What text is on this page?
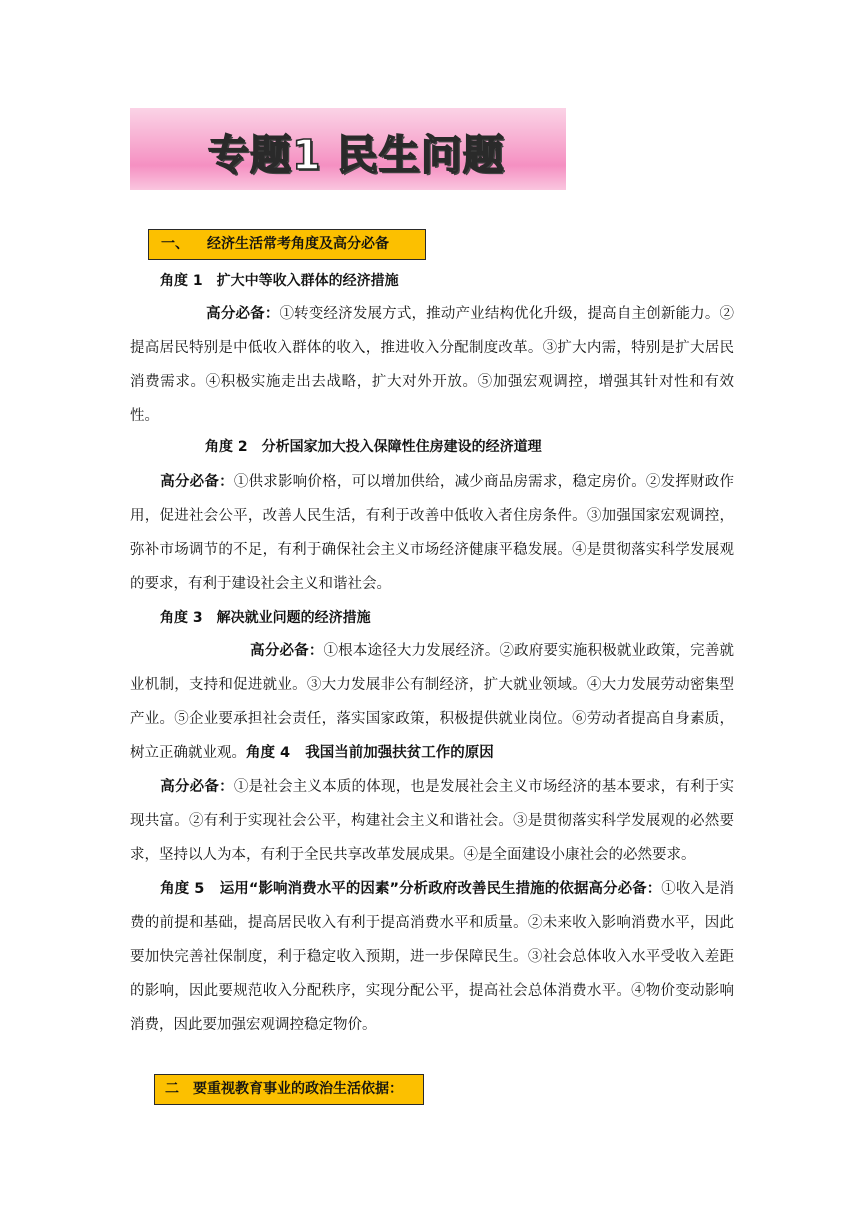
专题1 民生问题
一、 经济生活常考角度及高分必备
角度 1 扩大中等收入群体的经济措施

高分必备：①转变经济发展方式，推动产业结构优化升级，提高自主创新能力。②提高居民特别是中低收入群体的收入，推进收入分配制度改革。③扩大内需，特别是扩大居民消费需求。④积极实施走出去战略，扩大对外开放。⑤加强宏观调控，增强其针对性和有效性。

角度 2 分析国家加大投入保障性住房建设的经济道理

高分必备：①供求影响价格，可以增加供给，减少商品房需求，稳定房价。②发挥财政作用，促进社会公平，改善人民生活，有利于改善中低收入者住房条件。③加强国家宏观调控，弥补市场调节的不足，有利于确保社会主义市场经济健康平稳发展。④是贯彻落实科学发展观的要求，有利于建设社会主义和谐社会。

角度 3 解决就业问题的经济措施

高分必备：①根本途径大力发展经济。②政府要实施积极就业政策，完善就业机制，支持和促进就业。③大力发展非公有制经济，扩大就业领域。④大力发展劳动密集型产业。⑤企业要承担社会责任，落实国家政策，积极提供就业岗位。⑥劳动者提高自身素质，树立正确就业观。角度 4 我国当前加强扶贫工作的原因

高分必备：①是社会主义本质的体现，也是发展社会主义市场经济的基本要求，有利于实现共富。②有利于实现社会公平，构建社会主义和谐社会。③是贯彻落实科学发展观的必然要求，坚持以人为本，有利于全民共享改革发展成果。④是全面建设小康社会的必然要求。

角度 5 运用“影响消费水平的因素”分析政府改善民生措施的依据高分必备：①收入是消费的前提和基础，提高居民收入有利于提高消费水平和质量。②未来收入影响消费水平，因此要加快完善社保制度，利于稳定收入预期，进一步保障民生。③社会总体收入水平受收入差距的影响，因此要规范收入分配秩序，实现分配公平，提高社会总体消费水平。④物价变动影响消费，因此要加强宏观调控稳定物价。

二 要重视教育事业的政治生活依据：
